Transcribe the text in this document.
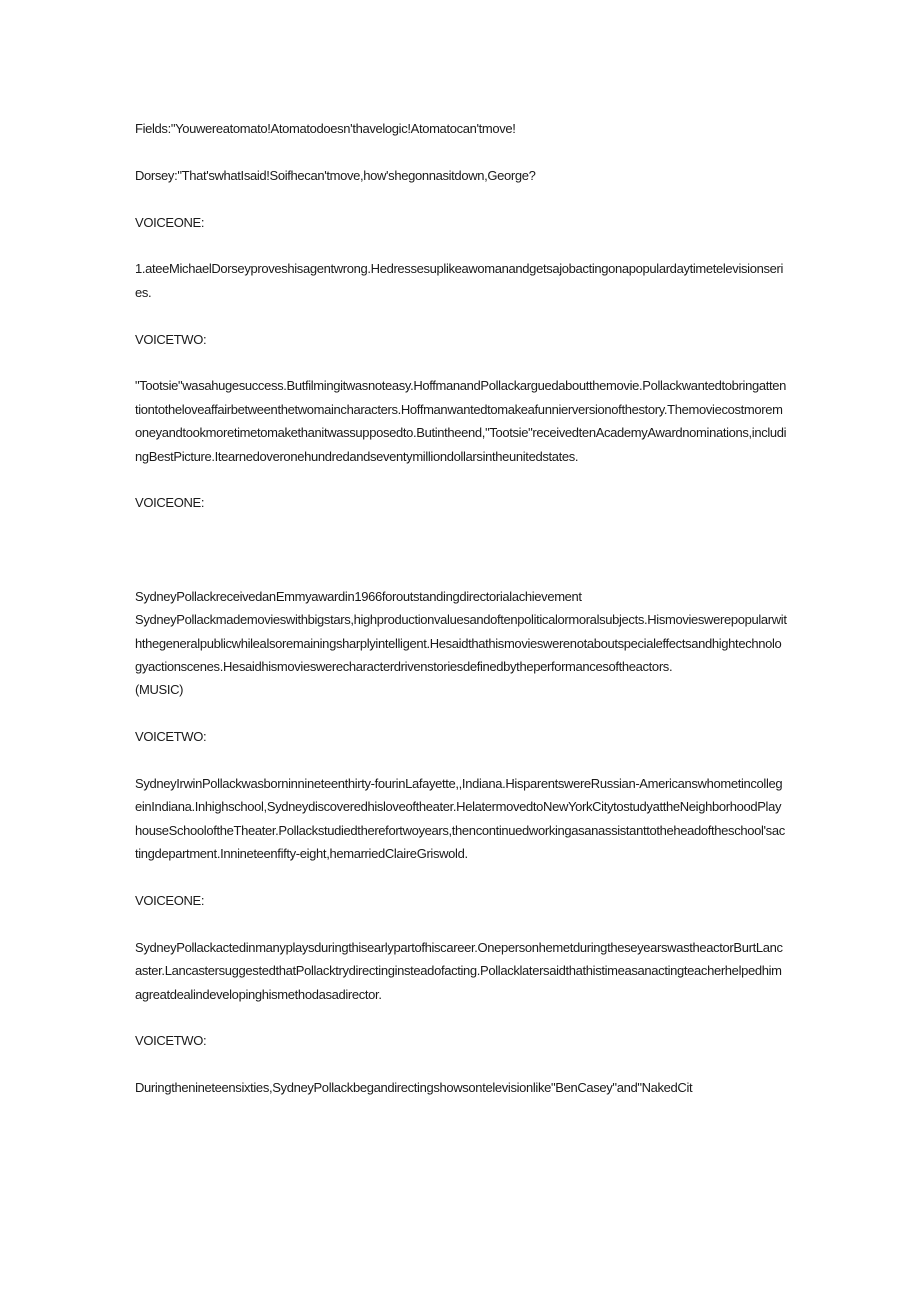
Fields:"Youwereatomato!Atomatodoesn'thavelogic!Atomatocan'tmove!

Dorsey:"That'swhatIsaid!Soifhecan'tmove,how'shegonnasitdown,George?

VOICEONE:

1.ateeMichaelDorseyproveshisagentwrong.Hedressesuplikeawomanandgetsajobactingonapopulardaytimetelevisionseries.

VOICETWO:

"Tootsie"wasahugesuccess.Butfilmingitwasnoteasy.HoffmanandPollackarguedaboutthemovie.Pollackwantedtobringattentiontotheloveaffairbetweenthetwomaincharacters.Hoffmanwantedtomakeafunnierversionofthestory.Themoviecostmoremoneyandtookmoretimetomakethanitwassupposedto.Butintheend,"Tootsie"receivedtenAcademyAwardnominations,includingBestPicture.Itearnedoveronehundredandseventymilliondollarsintheunitedstates.

VOICEONE:

SydneyPollackreceivedanEmmyawardin1966foroutstandingdirectorialachievement

SydneyPollackmademovieswithbigstars,highproductionvaluesandoftenpoliticalormoralsubjects.Hismovieswerepopularwiththegeneralpublicwhilealsoremainingsharplyintelligent.Hesaidthathismovieswerenotaboutspecialeffectsandhightechnologyactionscenes.Hesaidhismovieswerecharacterdrivenstoriesdefinedbytheperformancesoftheactors.

(MUSIC)

VOICETWO:

SydneyIrwinPollackwasborninnineteenthirty-fourinLafayette,,Indiana.HisparentswereRussian-AmericanswhometincollegeinIndiana.Inhighschool,Sydneydiscoveredhisloveoftheater.HelatermovedtoNewYorkCitytostudyattheNeighborhoodPlayhouseSchooloftheTheater.Pollackstudiedtherefortwoyears,thencontinuedworkingasanassistanttotheheadoftheschool'sactingdepartment.Innineteenfifty-eight,hemarriedClaireGriswold.

VOICEONE:

SydneyPollackactedinmanyplaysduringthisearlypartofhiscareer.OnepersonhemetduringtheseyearswastheactorBurtLancaster.LancastersuggestedthatPollacktrydirectinginsteadofacting.Pollacklatersaidthathistimeasanactingteacherhelpedhimagreatdealindevelopinghismethodasadirector.

VOICETWO:

Duringthenineteensixties,SydneyPollackbegandirectingshowsontelevisionlike"BenCasey"and"NakedCit
